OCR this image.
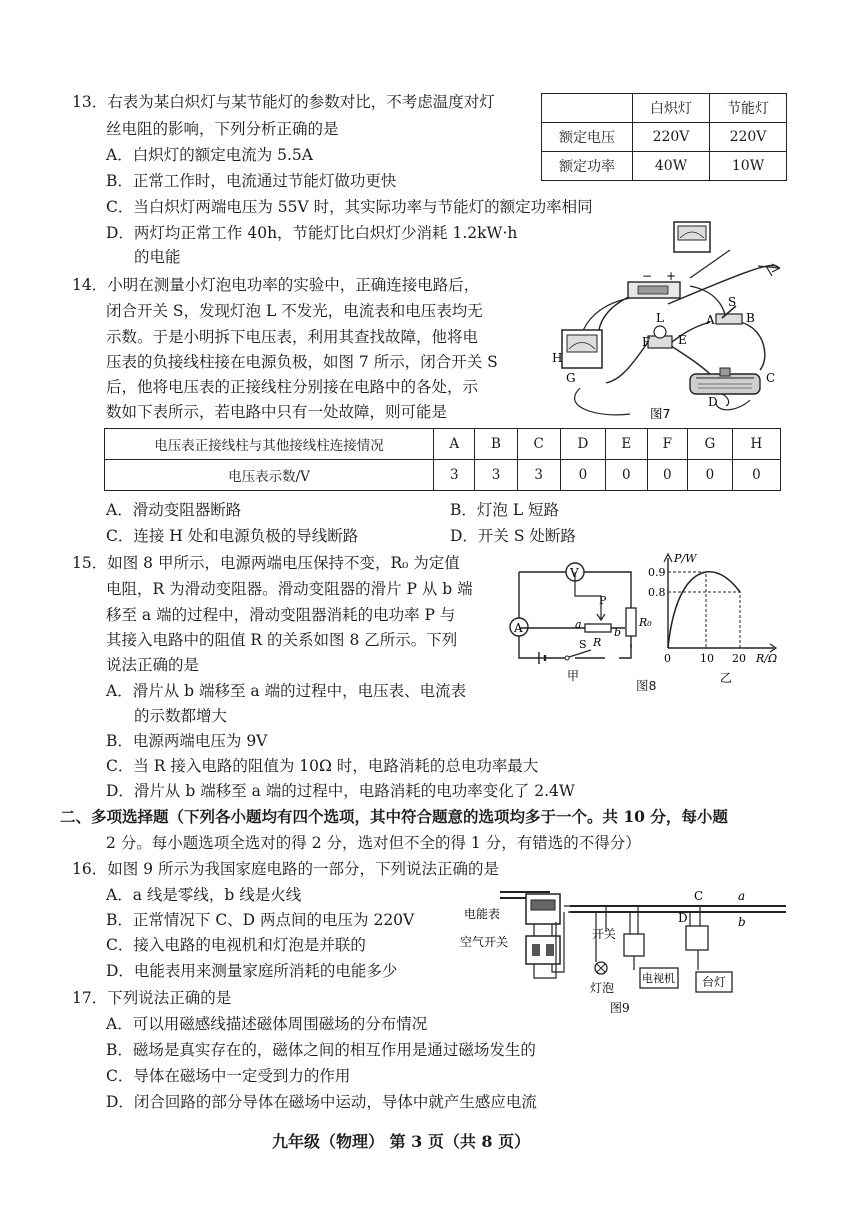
13．右表为某白炽灯与某节能灯的参数对比，不考虑温度对灯
丝电阻的影响，下列分析正确的是
A．白炽灯的额定电流为 5.5A
B．正常工作时，电流通过节能灯做功更快
C．当白炽灯两端电压为 55V 时，其实际功率与节能灯的额定功率相同
D．两灯均正常工作 40h，节能灯比白炽灯少消耗 1.2kW·h
的电能
	白炽灯	节能灯
额定电压	220V	220V
额定功率	40W	10W
14．小明在测量小灯泡电功率的实验中，正确连接电路后，
闭合开关 S，发现灯泡 L 不发光，电流表和电压表均无
示数。于是小明拆下电压表，利用其查找故障，他将电
压表的负接线柱接在电源负极，如图 7 所示，闭合开关 S
后，他将电压表的正接线柱分别接在电路中的各处，示
数如下表所示，若电路中只有一处故障，则可能是
− +
S
A	B
L
F E
H
G	C
D
图7
电压表正接线柱与其他接线柱连接情况	A	B	C	D	E	F	G	H
电压表示数/V	3	3	3	0	0	0	0	0
A．滑动变阻器断路	B．灯泡 L 短路
C．连接 H 处和电源负极的导线断路	D．开关 S 处断路
15．如图 8 甲所示，电源两端电压保持不变，R₀ 为定值
电阻，R 为滑动变阻器。滑动变阻器的滑片 P 从 b 端
移至 a 端的过程中，滑动变阻器消耗的电功率 P 与
其接入电路中的阻值 R 的关系如图 8 乙所示。下列
说法正确的是
A．滑片从 b 端移至 a 端的过程中，电压表、电流表
的示数都增大
B．电源两端电压为 9V
C．当 R 接入电路的阻值为 10Ω 时，电路消耗的总电功率最大
D．滑片从 b 端移至 a 端的过程中，电路消耗的电功率变化了 2.4W
V
A
P
a
R
b
R₀
S
甲
图8
P/W
R/Ω
0.9
0.8
0	10 20
乙
二、多项选择题（下列各小题均有四个选项，其中符合题意的选项均多于一个。共 10 分，每小题
2 分。每小题选项全选对的得 2 分，选对但不全的得 1 分，有错选的不得分）
16．如图 9 所示为我国家庭电路的一部分，下列说法正确的是
A．a 线是零线，b 线是火线
B．正常情况下 C、D 两点间的电压为 220V
C．接入电路的电视机和灯泡是并联的
D．电能表用来测量家庭所消耗的电能多少
a
b
电能表
空气开关
开关
灯泡
电视机 台灯
C
D
图9
17．下列说法正确的是
A．可以用磁感线描述磁体周围磁场的分布情况
B．磁场是真实存在的，磁体之间的相互作用是通过磁场发生的
C．导体在磁场中一定受到力的作用
D．闭合回路的部分导体在磁场中运动，导体中就产生感应电流
九年级（物理） 第 3 页（共 8 页）
